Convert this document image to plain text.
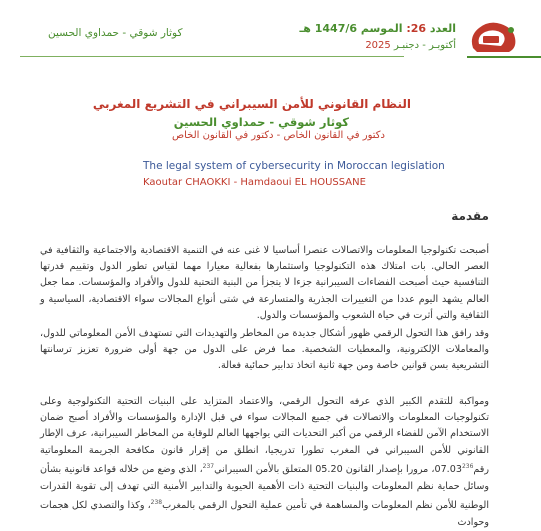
العدد 26: الموسم 1447/6 هـ
أكتوبـر - دجنبـر 2025
كوثار شوقي - حمداوي الحسين
النظام القانوني للأمن السيبراني في التشريع المغربي
كوثار شوقي - حمداوي الحسين
دكتور في القانون الخاص - دكتور في القانون الخاص
The legal system of cybersecurity in Moroccan legislation
Kaoutar CHAOKKI - Hamdaoui EL HOUSSANE
مقدمة

أصبحت تكنولوجيا المعلومات والاتصالات عنصرا أساسيا لا غنى عنه في التنمية الاقتصادية والاجتماعية والثقافية في العصر الحالي. بات امتلاك هذه التكنولوجيا واستثمارها بفعالية معيارا مهما لقياس تطور الدول وتقييم قدرتها التنافسية حيث أصبحت الفضاءات السيبرانية جزءا لا يتجزأ من البنية التحتية للدول والأفراد والمؤسسات. مما جعل العالم يشهد اليوم عددا من التغييرات الجذرية والمتسارعة في شتى أنواع المجالات سواء الاقتصادية، السياسية و الثقافية والتي أثرت في حياة الشعوب والمؤسسات والدول.

وقد رافق هذا التحول الرقمي ظهور أشكال جديدة من المخاطر والتهديدات التي تستهدف الأمن المعلوماتي للدول، والمعاملات الإلكترونية، والمعطيات الشخصية. مما فرض على الدول من جهة أولى ضرورة تعزيز ترسانتها التشريعية بسن قوانين خاصة ومن جهة ثانية اتخاذ تدابير حمائية فعالة.

ومواكبة للتقدم الكبير الذي عرفه التحول الرقمي، والاعتماد المتزايد على البنيات التحتية التكنولوجية وعلى تكنولوجيات المعلومات والاتصالات في جميع المجالات سواء في قبل الإدارة والمؤسسات والأفراد أصبح ضمان الاستخدام الآمن للفضاء الرقمي من أكبر التحديات التي يواجهها العالم للوقاية من المخاطر السيبرانية، عرف الإطار القانوني للأمن السيبراني في المغرب تطورا تدريجيا، انطلق من إقرار قانون مكافحة الجريمة المعلوماتية رقم07.03$^{236}$، مرورا بإصدار القانون 05.20 المتعلق بالأمن السيبراني$^{237}$، الذي وضع من خلاله قواعد قانونية بشأن وسائل حماية نظم المعلومات والبنيات التحتية ذات الأهمية الحيوية والتدابير الأمنية التي تهدف إلى تقوية القدرات الوطنية للأمن نظم المعلومات والمساهمة في تأمين عملية التحول الرقمي بالمغرب$^{238}$، وكذا والتصدي لكل هجمات وحوادث
